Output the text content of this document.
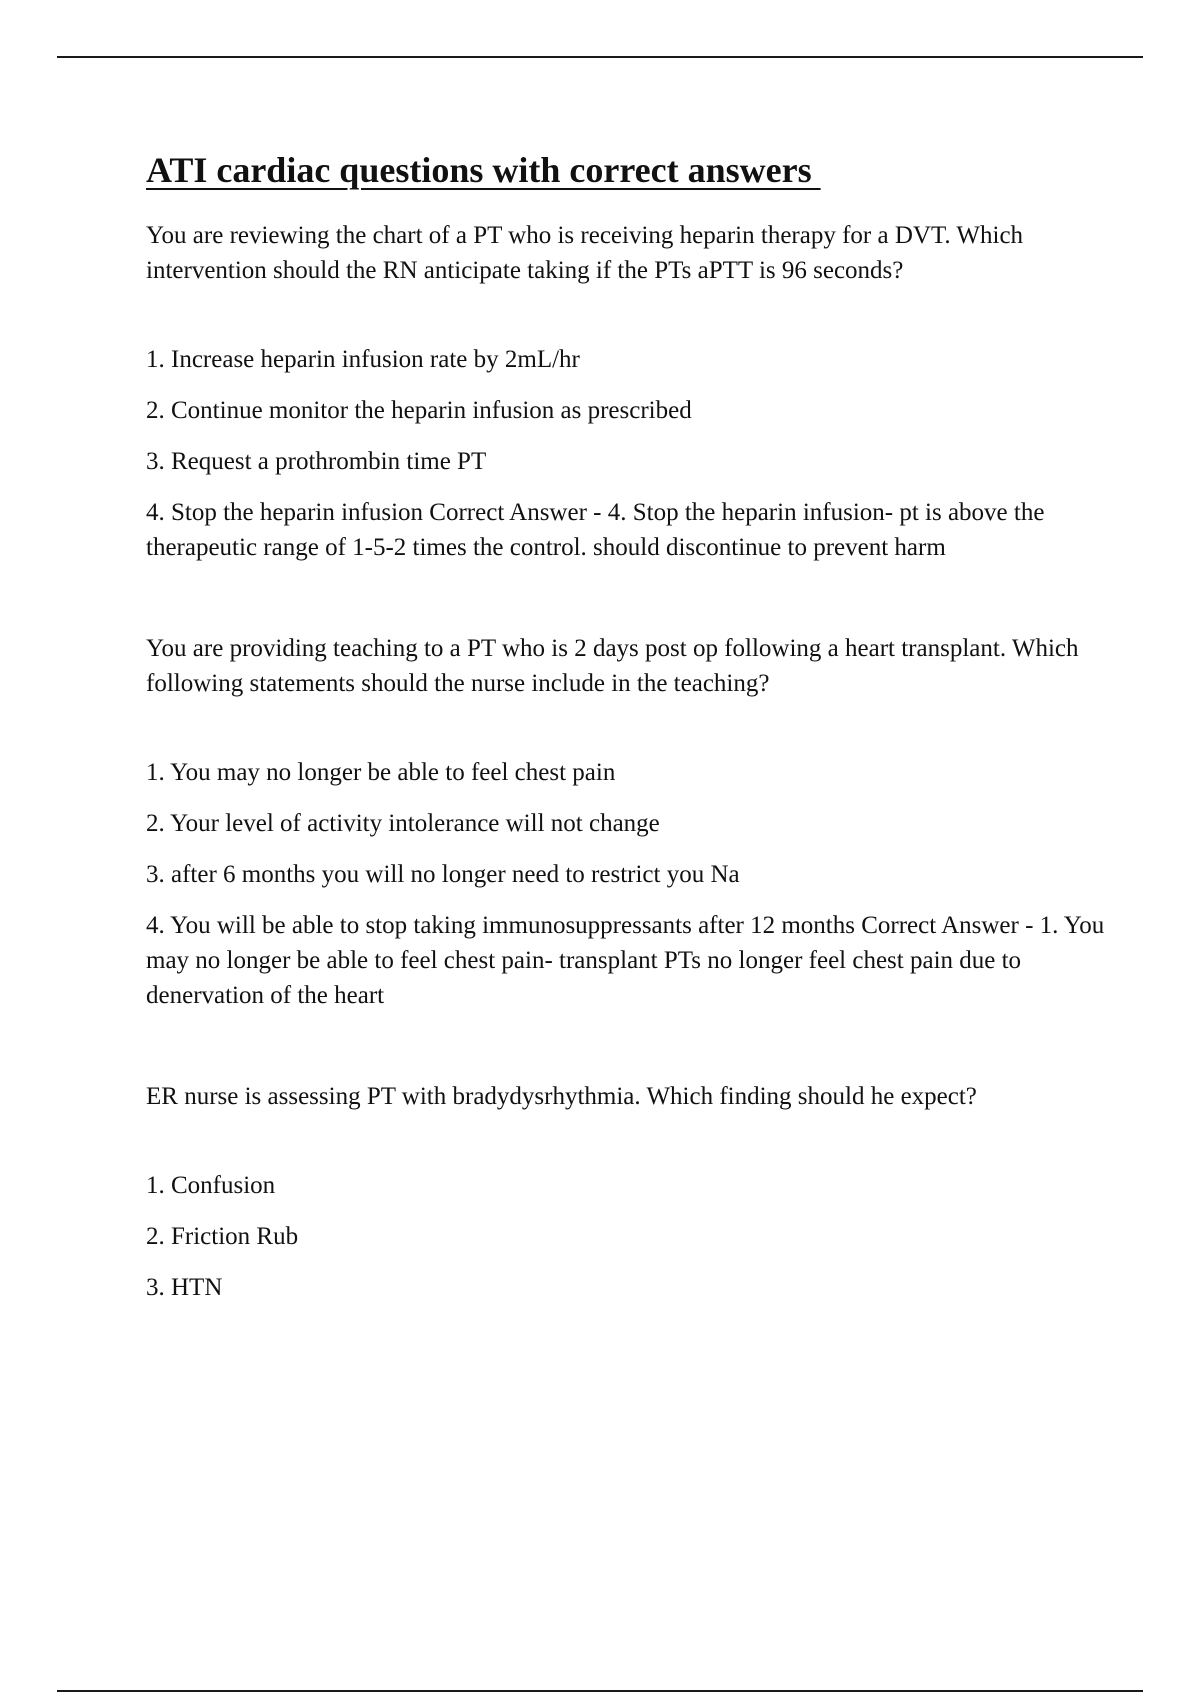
ATI cardiac questions with correct answers

You are reviewing the chart of a PT who is receiving heparin therapy for a DVT. Which intervention should the RN anticipate taking if the PTs aPTT is 96 seconds?

1. Increase heparin infusion rate by 2mL/hr
2. Continue monitor the heparin infusion as prescribed
3. Request a prothrombin time PT
4. Stop the heparin infusion Correct Answer - 4. Stop the heparin infusion- pt is above the therapeutic range of 1-5-2 times the control. should discontinue to prevent harm

You are providing teaching to a PT who is 2 days post op following a heart transplant. Which following statements should the nurse include in the teaching?

1. You may no longer be able to feel chest pain
2. Your level of activity intolerance will not change
3. after 6 months you will no longer need to restrict you Na
4. You will be able to stop taking immunosuppressants after 12 months Correct Answer - 1. You may no longer be able to feel chest pain- transplant PTs no longer feel chest pain due to denervation of the heart

ER nurse is assessing PT with bradydysrhythmia. Which finding should he expect?

1. Confusion
2. Friction Rub
3. HTN
